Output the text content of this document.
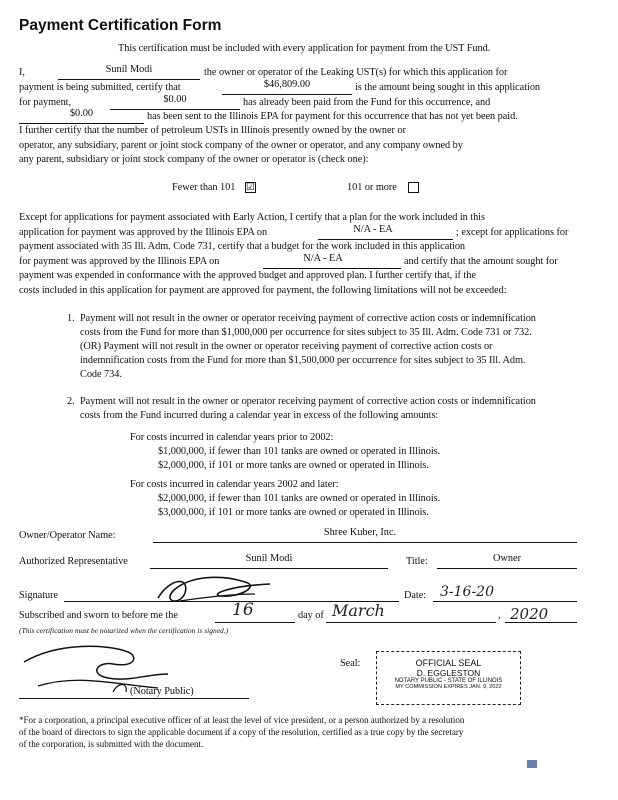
Payment Certification Form
This certification must be included with every application for payment from the UST Fund.
I,	Sunil Modi	the owner or operator of the Leaking UST(s) for which this application for
payment is being submitted, certify that	$46,809.00	is the amount being sought in this application
for payment,	$0.00	has already been paid from the Fund for this occurrence, and
$0.00	has been sent to the Illinois EPA for payment for this occurrence that has not yet been paid.
I further certify that the number of petroleum USTs in Illinois presently owned by the owner or
operator, any subsidiary, parent or joint stock company of the owner or operator, and any company owned by
any parent, subsidiary or joint stock company of the owner or operator is (check one):
Fewer than 101 ☑	101 or more
Except for applications for payment associated with Early Action, I certify that a plan for the work included in this
application for payment was approved by the Illinois EPA on	N/A - EA	; except for applications for
payment associated with 35 Ill. Adm. Code 731, certify that a budget for the work included in this application
for payment was approved by the Illinois EPA on	N/A - EA	and certify that the amount sought for
payment was expended in conformance with the approved budget and approved plan. I further certify that, if the
costs included in this application for payment are approved for payment, the following limitations will not be exceeded:
1. Payment will not result in the owner or operator receiving payment of corrective action costs or indemnification
costs from the Fund for more than $1,000,000 per occurrence for sites subject to 35 Ill. Adm. Code 731 or 732.
(OR) Payment will not result in the owner or operator receiving payment of corrective action costs or
indemnification costs from the Fund for more than $1,500,000 per occurrence for sites subject to 35 Ill. Adm.
Code 734.
2. Payment will not result in the owner or operator receiving payment of corrective action costs or indemnification
costs from the Fund incurred during a calendar year in excess of the following amounts:
For costs incurred in calendar years prior to 2002:
$1,000,000, if fewer than 101 tanks are owned or operated in Illinois.
$2,000,000, if 101 or more tanks are owned or operated in Illinois.
For costs incurred in calendar years 2002 and later:
$2,000,000, if fewer than 101 tanks are owned or operated in Illinois.
$3,000,000, if 101 or more tanks are owned or operated in Illinois.
Owner/Operator Name:	Shree Kuber, Inc.
Authorized Representative	Sunil Modi	Title:	Owner
Signature	Date: 3-16-20
Subscribed and sworn to before me the	16	day of March	, 2020
(This certification must be notarized when the certification is signed.)
(Notary Public)
Seal:	OFFICIAL SEAL
D. EGGLESTON
NOTARY PUBLIC - STATE OF ILLINOIS
MY COMMISSION EXPIRES JAN. 9, 2022
*For a corporation, a principal executive officer of at least the level of vice president, or a person authorized by a resolution
of the board of directors to sign the applicable document if a copy of the resolution, certified as a true copy by the secretary
of the corporation, is submitted with the document.
